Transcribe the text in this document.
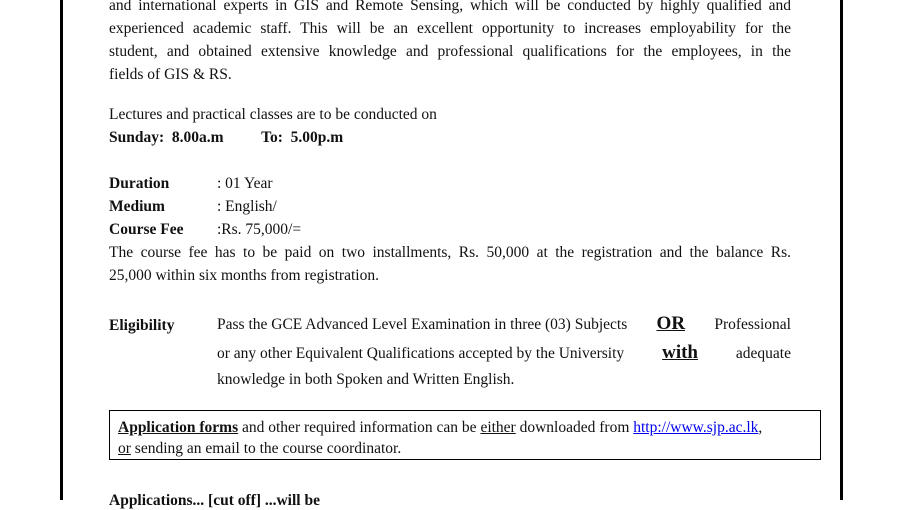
and international experts in GIS and Remote Sensing, which will be conducted by highly qualified and
experienced academic staff. This will be an excellent opportunity to increases employability for the
student, and obtained extensive knowledge and professional qualifications for the employees, in the
fields of GIS & RS.
Lectures and practical classes are to be conducted on
Sunday: 8.00a.m To: 5.00p.m
Duration	: 01 Year
Medium	: English/
Course Fee :Rs. 75,000/=
The course fee has to be paid on two installments, Rs. 50,000 at the registration and the balance Rs.
25,000 within six months from registration.
Eligibility	Pass the GCE Advanced Level Examination in three (03) Subjects OR Professional
or any other Equivalent Qualifications accepted by the University with adequate
knowledge in both Spoken and Written English.
Application forms and other required information can be either downloaded from http://www.sjp.ac.lk,
or sending an email to the course coordinator.
Applications... [cut off] ...will be
